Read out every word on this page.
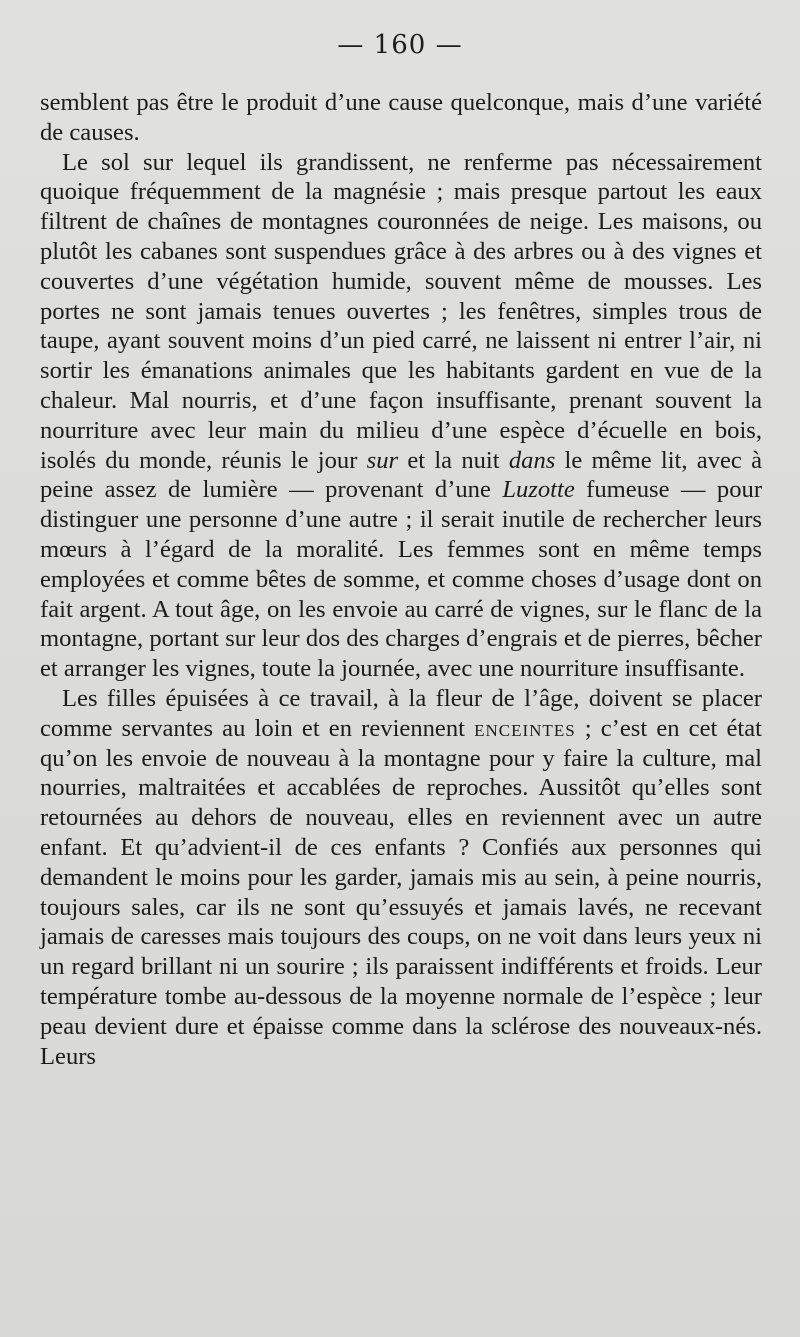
— 160 —

semblent pas être le produit d’une cause quelconque, mais d’une variété de causes.

Le sol sur lequel ils grandissent, ne renferme pas nécessairement quoique fréquemment de la magnésie ; mais presque partout les eaux filtrent de chaînes de montagnes couronnées de neige. Les maisons, ou plutôt les cabanes sont suspendues grâce à des arbres ou à des vignes et couvertes d’une végétation humide, souvent même de mousses. Les portes ne sont jamais tenues ouvertes ; les fenêtres, simples trous de taupe, ayant souvent moins d’un pied carré, ne laissent ni entrer l’air, ni sortir les émanations animales que les habitants gardent en vue de la chaleur. Mal nourris, et d’une façon insuffisante, prenant souvent la nourriture avec leur main du milieu d’une espèce d’écuelle en bois, isolés du monde, réunis le jour sur et la nuit dans le même lit, avec à peine assez de lumière — provenant d’une Luzotte fumeuse — pour distinguer une personne d’une autre ; il serait inutile de rechercher leurs mœurs à l’égard de la moralité. Les femmes sont en même temps employées et comme bêtes de somme, et comme choses d’usage dont on fait argent. A tout âge, on les envoie au carré de vignes, sur le flanc de la montagne, portant sur leur dos des charges d’engrais et de pierres, bêcher et arranger les vignes, toute la journée, avec une nourriture insuffisante.

Les filles épuisées à ce travail, à la fleur de l’âge, doivent se placer comme servantes au loin et en reviennent enceintes ; c’est en cet état qu’on les envoie de nouveau à la montagne pour y faire la culture, mal nourries, maltraitées et accablées de reproches. Aussitôt qu’elles sont retournées au dehors de nouveau, elles en reviennent avec un autre enfant. Et qu’advient-il de ces enfants ? Confiés aux personnes qui demandent le moins pour les garder, jamais mis au sein, à peine nourris, toujours sales, car ils ne sont qu’essuyés et jamais lavés, ne recevant jamais de caresses mais toujours des coups, on ne voit dans leurs yeux ni un regard brillant ni un sourire ; ils paraissent indifférents et froids. Leur température tombe au-dessous de la moyenne normale de l’espèce ; leur peau devient dure et épaisse comme dans la sclérose des nouveaux-nés. Leurs
